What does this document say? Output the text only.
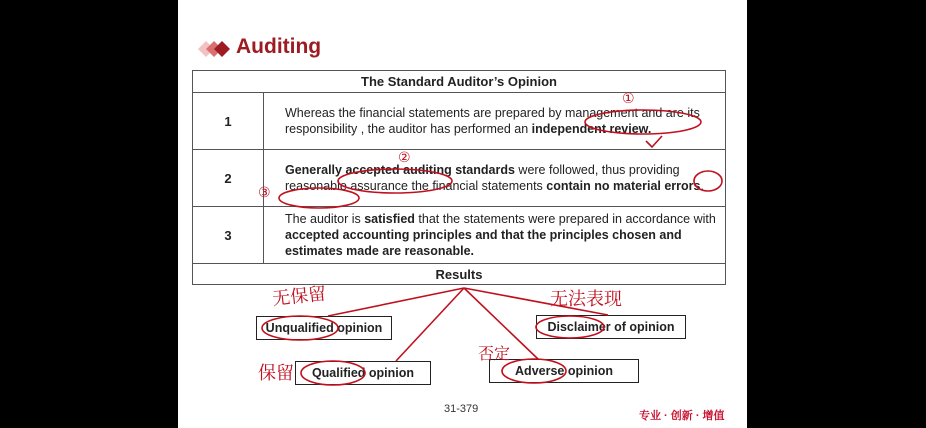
Auditing
The Standard Auditor’s Opinion	
1	Whereas the financial statements are prepared by management and are its responsibility , the auditor has performed an independent review.
2	Generally accepted auditing standards were followed, thus providing reasonable assurance the financial statements contain no material errors.
3	The auditor is satisfied that the statements were prepared in accordance with accepted accounting principles and that the principles chosen and estimates made are reasonable.
Results	
Unqualified opinion	Disclaimer of opinion
Qualified opinion	Adverse opinion
①
②
③
无保留	无法表现
保留
否定
31-379
专业 · 创新 · 增值
